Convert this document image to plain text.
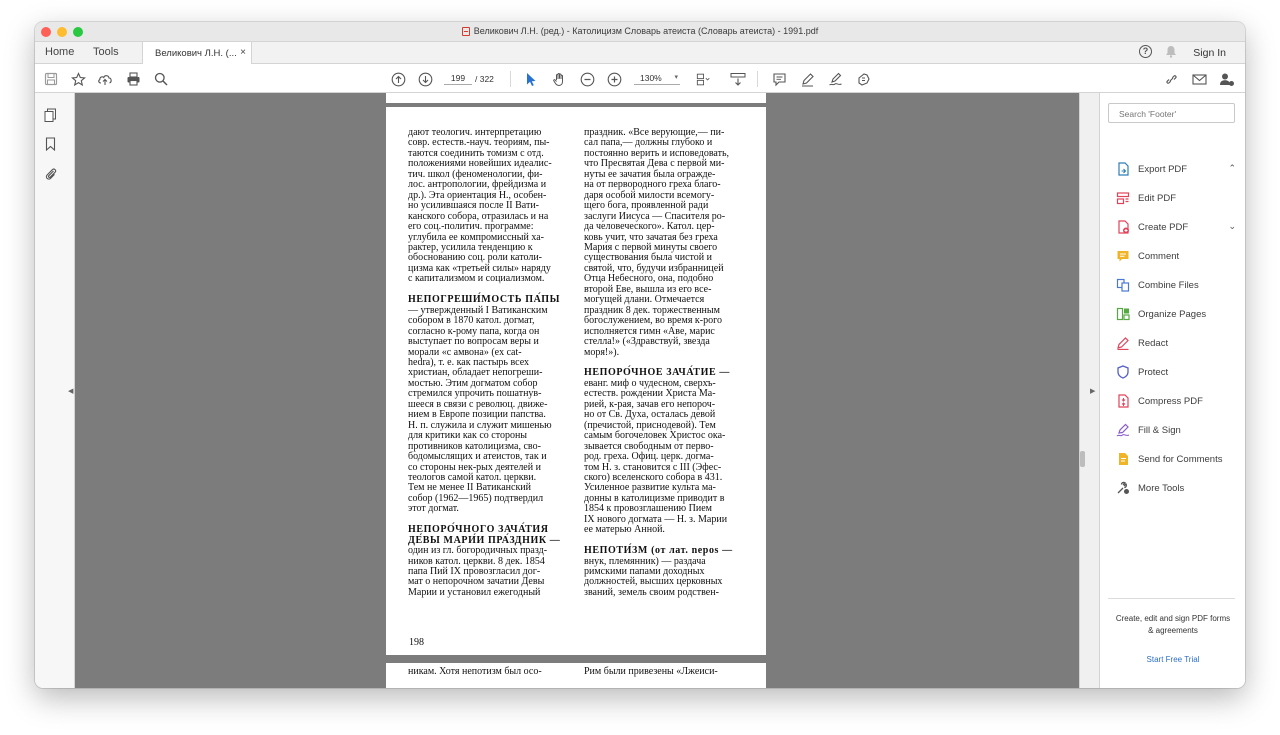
Великович Л.Н. (ред.) - Католицизм Словарь атеиста (Словарь атеиста) - 1991.pdf
Home Tools	Великович Л.Н. (... ×	?	Sign In
199	/ 322	130% ▾
◀
дают теологич. интерпретацию
совр. естеств.-науч. теориям, пы-
таются соединить томизм с отд.
положениями новейших идеалис-
тич. школ (феноменологии, фи-
лос. антропологии, фрейдизма и
др.). Эта ориентация Н., особен-
но усилившаяся после II Вати-
канского собора, отразилась и на
его соц.-политич. программе:
углубила ее компромиссный ха-
рактер, усилила тенденцию к
обоснованию соц. роли католи-
цизма как «третьей силы» наряду
с капитализмом и социализмом.

НЕПОГРЕШИ́МОСТЬ ПА́ПЫ
— утвержденный I Ватиканским
собором в 1870 катол. догмат,
согласно к-рому папа, когда он
выступает по вопросам веры и
морали «с амвона» (ex cat-
hedra), т. е. как пастырь всех
христиан, обладает непогреши-
мостью. Этим догматом собор
стремился упрочить пошатнув-
шееся в связи с революц. движе-
нием в Европе позиции папства.
Н. п. служила и служит мишенью
для критики как со стороны
противников католицизма, сво-
бодомыслящих и атеистов, так и
со стороны нек-рых деятелей и
теологов самой катол. церкви.
Тем не менее II Ватиканский
собор (1962—1965) подтвердил
этот догмат.

НЕПОРО́ЧНОГО ЗАЧА́ТИЯ
ДЕ́ВЫ МАРИ́И ПРА́ЗДНИК —
один из гл. богородичных празд-
ников катол. церкви. 8 дек. 1854
папа Пий IX провозгласил дог-
мат о непорочном зачатии Девы
Марии и установил ежегодный
праздник. «Все верующие,— пи-
сал папа,— должны глубоко и
постоянно верить и исповедовать,
что Пресвятая Дева с первой ми-
нуты ее зачатия была огражде-
на от первородного греха благо-
даря особой милости всемогу-
щего бога, проявленной ради
заслуги Иисуса — Спасителя ро-
да человеческого». Катол. цер-
ковь учит, что зачатая без греха
Мария с первой минуты своего
существования была чистой и
святой, что, будучи избранницей
Отца Небесного, она, подобно
второй Еве, вышла из его все-
могущей длани. Отмечается
праздник 8 дек. торжественным
богослужением, во время к-рого
исполняется гимн «Аве, марис
стелла!» («Здравствуй, звезда
моря!»).

НЕПОРО́ЧНОЕ ЗАЧА́ТИЕ —
еванг. миф о чудесном, сверхъ-
естеств. рождении Христа Ма-
рией, к-рая, зачав его непороч-
но от Св. Духа, осталась девой
(пречистой, приснодевой). Тем
самым богочеловек Христос ока-
зывается свободным от перво-
род. греха. Офиц. церк. догма-
том Н. з. становится с III (Эфес-
ского) вселенского собора в 431.
Усиленное развитие культа ма-
донны в католицизме приводит в
1854 к провозглашению Пием
IX нового догмата — Н. з. Марии
ее матерью Анной.

НЕПОТИ́ЗМ (от лат. nepos —
внук, племянник) — раздача
римскими папами доходных
должностей, высших церковных
званий, земель своим родствен-
198
никам. Хотя непотизм был осо-	Рим были привезены «Лжеиси-
▶
Search 'Footer'
Export PDF	⌃
Edit PDF
Create PDF	⌄
Comment
Combine Files
Organize Pages
Redact
Protect
Compress PDF
Fill & Sign
Send for Comments
More Tools
Create, edit and sign PDF forms & agreements
Start Free Trial
